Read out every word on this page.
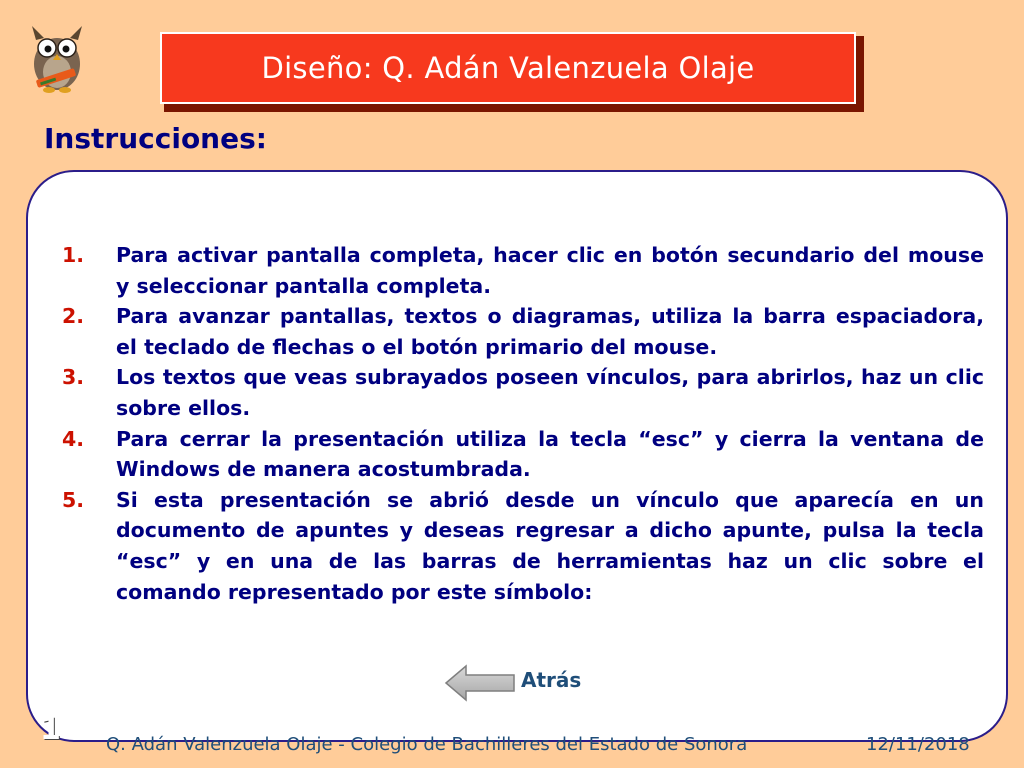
Diseño: Q. Adán Valenzuela Olaje
Instrucciones:
1.	Para activar pantalla completa, hacer clic en botón secundario del mouse y seleccionar pantalla completa.
2.	Para avanzar pantallas, textos o diagramas, utiliza la barra espaciadora, el teclado de flechas o el botón primario del mouse.
3.	Los textos que veas subrayados poseen vínculos, para abrirlos, haz un clic sobre ellos.
4.	Para cerrar la presentación utiliza la tecla “esc” y cierra la ventana de Windows de manera acostumbrada.
5.	Si esta presentación se abrió desde un vínculo que aparecía en un documento de apuntes y deseas regresar a dicho apunte, pulsa la tecla “esc” y en una de las barras de herramientas haz un clic sobre el comando representado por este símbolo:
Atrás
1	Q. Adán Valenzuela Olaje - Colegio de Bachilleres del Estado de Sonora	12/11/2018
